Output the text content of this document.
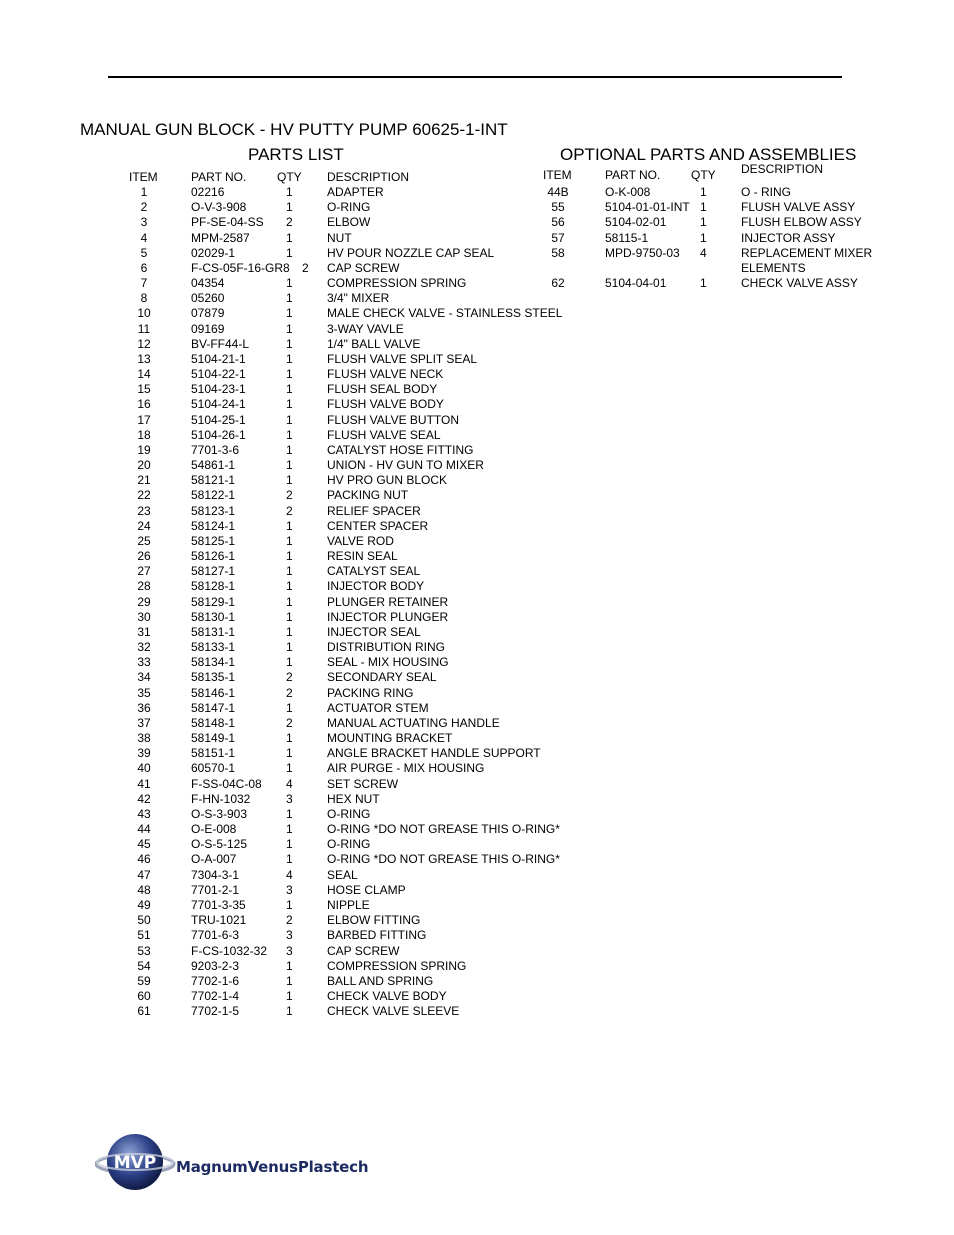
MANUAL GUN BLOCK - HV PUTTY PUMP 60625-1-INT
PARTS LIST	OPTIONAL PARTS AND ASSEMBLIES
ITEM	PART NO.	QTY DESCRIPTION	ITEM	PART NO.	QTY DESCRIPTION
1	02216	1	ADAPTER
2	O-V-3-908	1	O-RING
3	PF-SE-04-SS 2	ELBOW
4	MPM-2587	1	NUT
5	02029-1	1	HV POUR NOZZLE CAP SEAL
6	F-CS-05F-16-GR8 2 CAP SCREW
7	04354	1	COMPRESSION SPRING
8	05260	1	3/4" MIXER
10	07879	1	MALE CHECK VALVE - STAINLESS STEEL
11	09169	1	3-WAY VAVLE
12	BV-FF44-L	1	1/4" BALL VALVE
13	5104-21-1	1	FLUSH VALVE SPLIT SEAL
14	5104-22-1	1	FLUSH VALVE NECK
15	5104-23-1	1	FLUSH SEAL BODY
16	5104-24-1	1	FLUSH VALVE BODY
17	5104-25-1	1	FLUSH VALVE BUTTON
18	5104-26-1	1	FLUSH VALVE SEAL
19	7701-3-6	1	CATALYST HOSE FITTING
20	54861-1	1	UNION - HV GUN TO MIXER
21	58121-1	1	HV PRO GUN BLOCK
22	58122-1	2	PACKING NUT
23	58123-1	2	RELIEF SPACER
24	58124-1	1	CENTER SPACER
25	58125-1	1	VALVE ROD
26	58126-1	1	RESIN SEAL
27	58127-1	1	CATALYST SEAL
28	58128-1	1	INJECTOR BODY
29	58129-1	1	PLUNGER RETAINER
30	58130-1	1	INJECTOR PLUNGER
31	58131-1	1	INJECTOR SEAL
32	58133-1	1	DISTRIBUTION RING
33	58134-1	1	SEAL - MIX HOUSING
34	58135-1	2	SECONDARY SEAL
35	58146-1	2	PACKING RING
36	58147-1	1	ACTUATOR STEM
37	58148-1	2	MANUAL ACTUATING HANDLE
38	58149-1	1	MOUNTING BRACKET
39	58151-1	1	ANGLE BRACKET HANDLE SUPPORT
40	60570-1	1	AIR PURGE - MIX HOUSING
41	F-SS-04C-08 4	SET SCREW
42	F-HN-1032	3	HEX NUT
43	O-S-3-903	1	O-RING
44	O-E-008	1	O-RING *DO NOT GREASE THIS O-RING*
45	O-S-5-125	1	O-RING
46	O-A-007	1	O-RING *DO NOT GREASE THIS O-RING*
47	7304-3-1	4	SEAL
48	7701-2-1	3	HOSE CLAMP
49	7701-3-35	1	NIPPLE
50	TRU-1021	2	ELBOW FITTING
51	7701-6-3	3	BARBED FITTING
53	F-CS-1032-32 3	CAP SCREW
54	9203-2-3	1	COMPRESSION SPRING
59	7702-1-6	1	BALL AND SPRING
60	7702-1-4	1	CHECK VALVE BODY
61	7702-1-5	1	CHECK VALVE SLEEVE
44B	O-K-008	1	O - RING
55	5104-01-01-INT 1	FLUSH VALVE ASSY
56	5104-02-01	1	FLUSH ELBOW ASSY
57	58115-1	1	INJECTOR ASSY
58	MPD-9750-03 4	REPLACEMENT MIXER
ELEMENTS
62	5104-04-01	1	CHECK VALVE ASSY
MVP MagnumVenusPlastech
